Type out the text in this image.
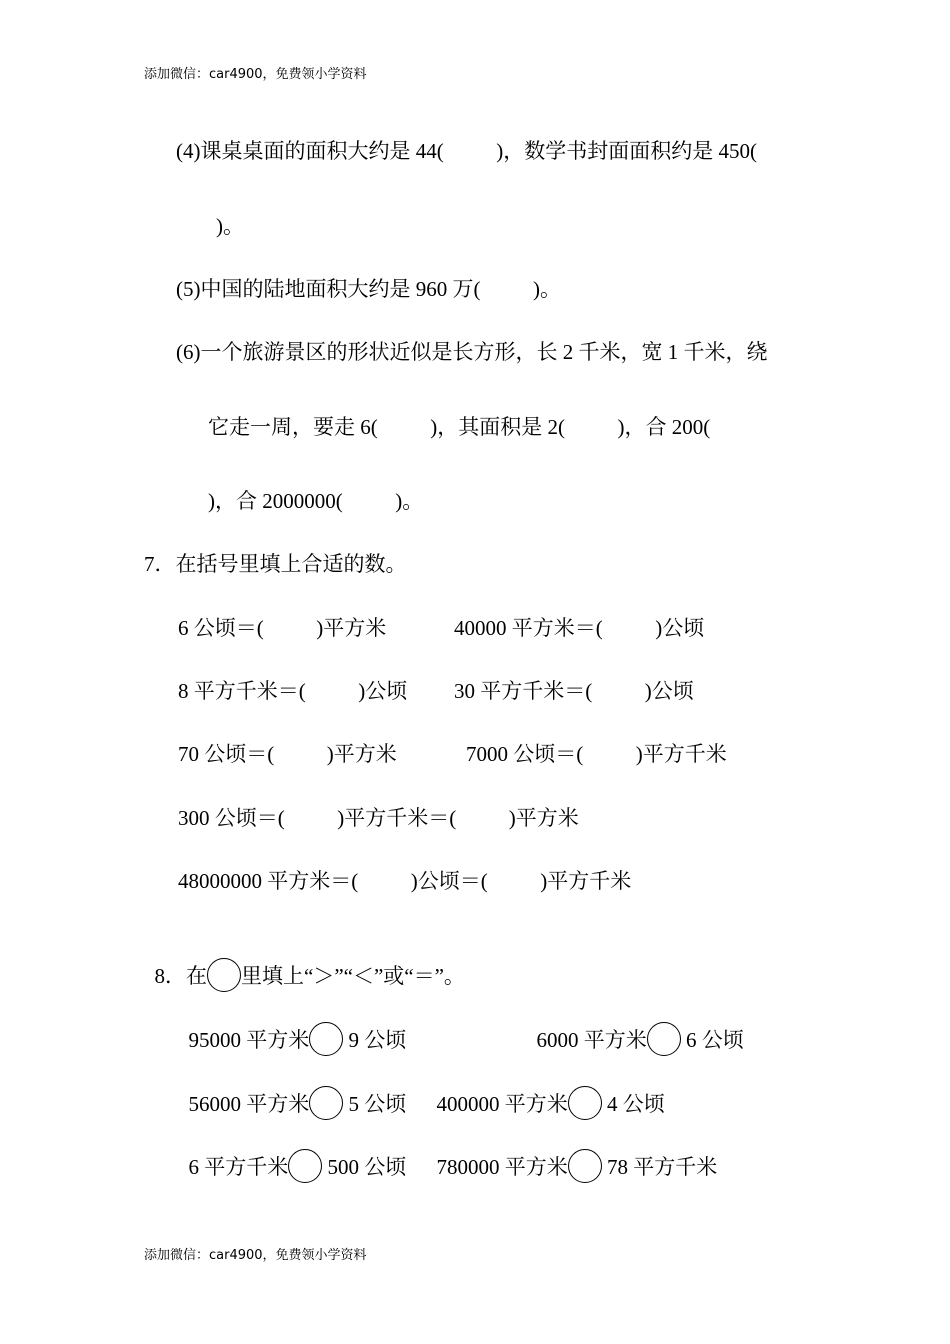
添加微信：car4900，免费领小学资料
(4)课桌桌面的面积大约是 44(          )，数学书封面面积约是 450(
)。
(5)中国的陆地面积大约是 960 万(          )。
(6)一个旅游景区的形状近似是长方形，长 2 千米，宽 1 千米，绕
它走一周，要走 6(          )，其面积是 2(          )，合 200(
)，合 2000000(          )。
7．在括号里填上合适的数。
6 公顷＝(          )平方米	40000 平方米＝(          )公顷
8 平方千米＝(          )公顷 30 平方千米＝(          )公顷
70 公顷＝(          )平方米	7000 公顷＝(          )平方千米
300 公顷＝(          )平方千米＝(          )平方米
48000000 平方米＝(          )公顷＝(          )平方千米

8．在 里填上“＞”“＜”或“＝”。

95000 平方米 9 公顷	6000 平方米 6 公顷

56000 平方米 5 公顷	400000 平方米 4 公顷

6 平方千米 500 公顷	780000 平方米 78 平方千米

添加微信：car4900，免费领小学资料
